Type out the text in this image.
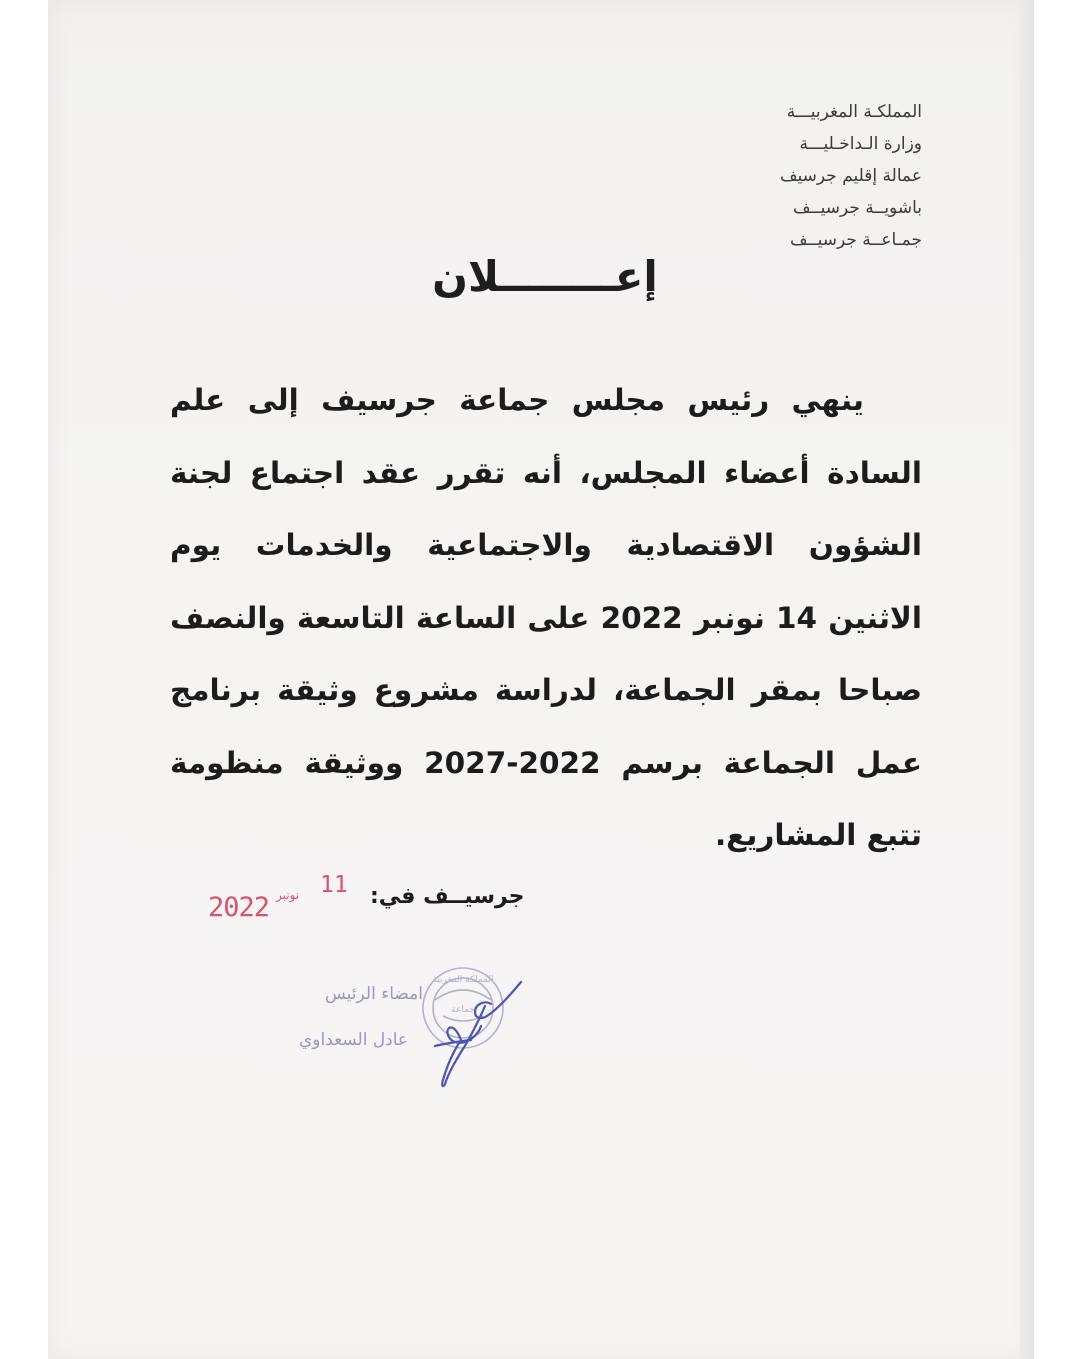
المملكـة المغربيـــة
وزارة الـداخـليـــة
عمالة إقليم جرسيف
باشويــة جرسيــف
جمـاعــة جرسيــف
إعــــــــلان
ينهي رئيس مجلس جماعة جرسيف إلى علم السادة أعضاء المجلس، أنه تقرر عقد اجتماع لجنة الشؤون الاقتصادية والاجتماعية والخدمات يوم الاثنين 14 نونبر 2022 على الساعة التاسعة والنصف صباحا بمقر الجماعة، لدراسة مشروع وثيقة برنامج عمل الجماعة برسم 2022-2027 ووثيقة منظومة تتبع المشاريع.
جرسيــف في:
2022 نونبر 11
المملكة المغربية
جماعة
امضاء الرئيس
عادل السعداوي
